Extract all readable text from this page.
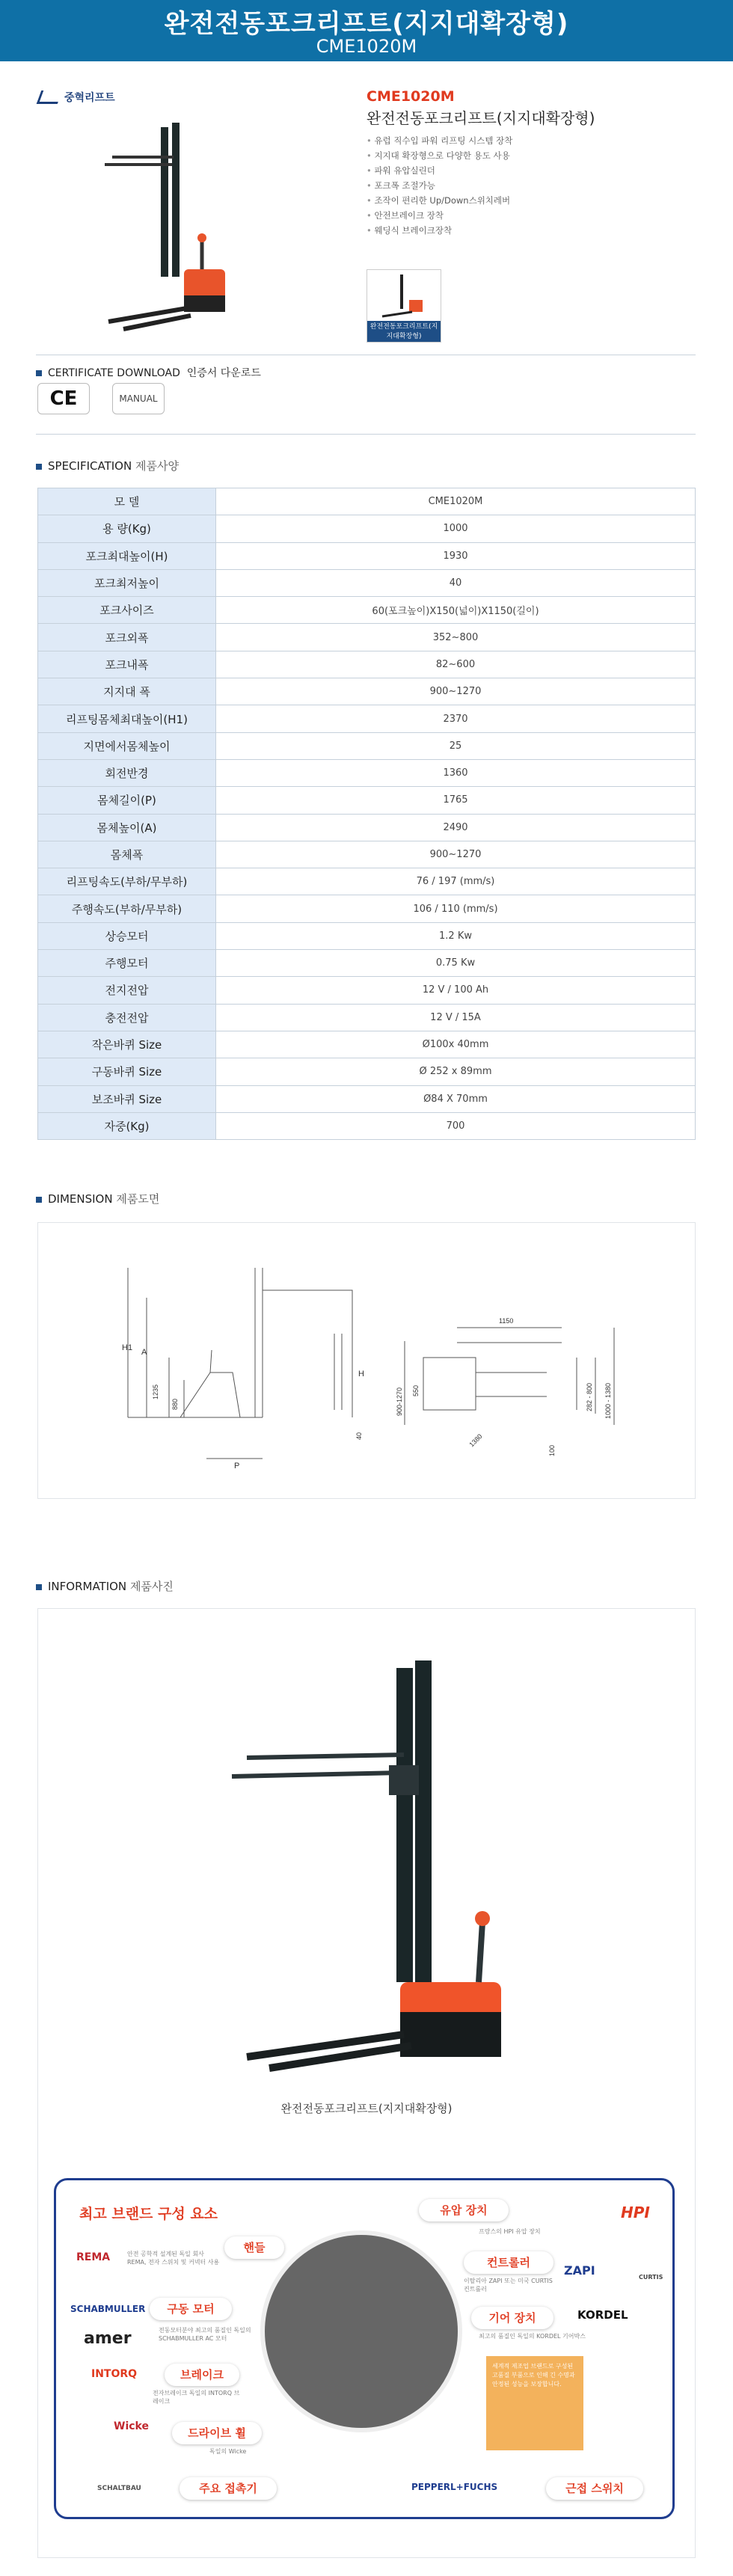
완전전동포크리프트(지지대확장형)
CME1020M
중혁리프트	CME1020M
완전전동포크리프트(지지대확장형)
• 유럽 직수입 파워 리프팅 시스템 장착
• 지지대 확장형으로 다양한 용도 사용
• 파워 유압실린더
• 포크폭 조절가능
• 조작이 편리한 Up/Down스위치레버
• 안전브레이크 장착
• 웨딩식 브레이크장착
완전전동포크리프트(지지대확장형)
CERTIFICATE DOWNLOAD 인증서 다운로드
CE	MANUAL
SPECIFICATION 제품사양
모 델	CME1020M
용 량(Kg)	1000
포크최대높이(H)	1930
포크최저높이	40
포크사이즈	60(포크높이)X150(넓이)X1150(길이)
포크외폭	352~800
포크내폭	82~600
지지대 폭	900~1270
리프팅몸체최대높이(H1)	2370
지면에서몸체높이	25
회전반경	1360
몸체길이(P)	1765
몸체높이(A)	2490
몸체폭	900~1270
리프팅속도(부하/무부하)	76 / 197 (mm/s)
주행속도(부하/무부하)	106 / 110 (mm/s)
상승모터	1.2 Kw
주행모터	0.75 Kw
전지전압	12 V / 100 Ah
충전전압	12 V / 15A
작은바퀴 Size	Ø100x 40mm
구동바퀴 Size	Ø 252 x 89mm
보조바퀴 Size	Ø84 X 70mm
자중(Kg)	700
DIMENSION 제품도면
H1 A
H
P
1235
880
40
1150
900-1270 550	282 - 800 1000 - 1380
1380
100
INFORMATION 제품사진
완전전동포크리프트(지지대확장형)
최고 브랜드 구성 요소
핸들
구동 모터
브레이크
드라이브 휠
주요 접촉기
유압 장치
컨트롤러
기어 장치
근접 스위치
REMA	안전 공학적 설계된 독일 회사 REMA, 전자 스위치 및 커넥터 사용
SCHABMULLER
전동모터분야 최고의 품질인 독일의 SCHABMULLER AC 모터
amer
INTORQ
전자브레이크 독일의 INTORQ 브레이크
Wicke
독일의 Wicke
SCHALTBAU
HPI
프랑스의 HPI 유압 장치
ZAPI	CURTIS
이탈리아 ZAPI 또는 미국 CURTIS 컨트롤러
KORDEL
최고의 품질인 독일의 KORDEL 기어박스
PEPPERL+FUCHS
세계적 제조업 브랜드로 구성된 고품질 부품으로 인해 긴 수명과 안정된 성능을 보장합니다.
